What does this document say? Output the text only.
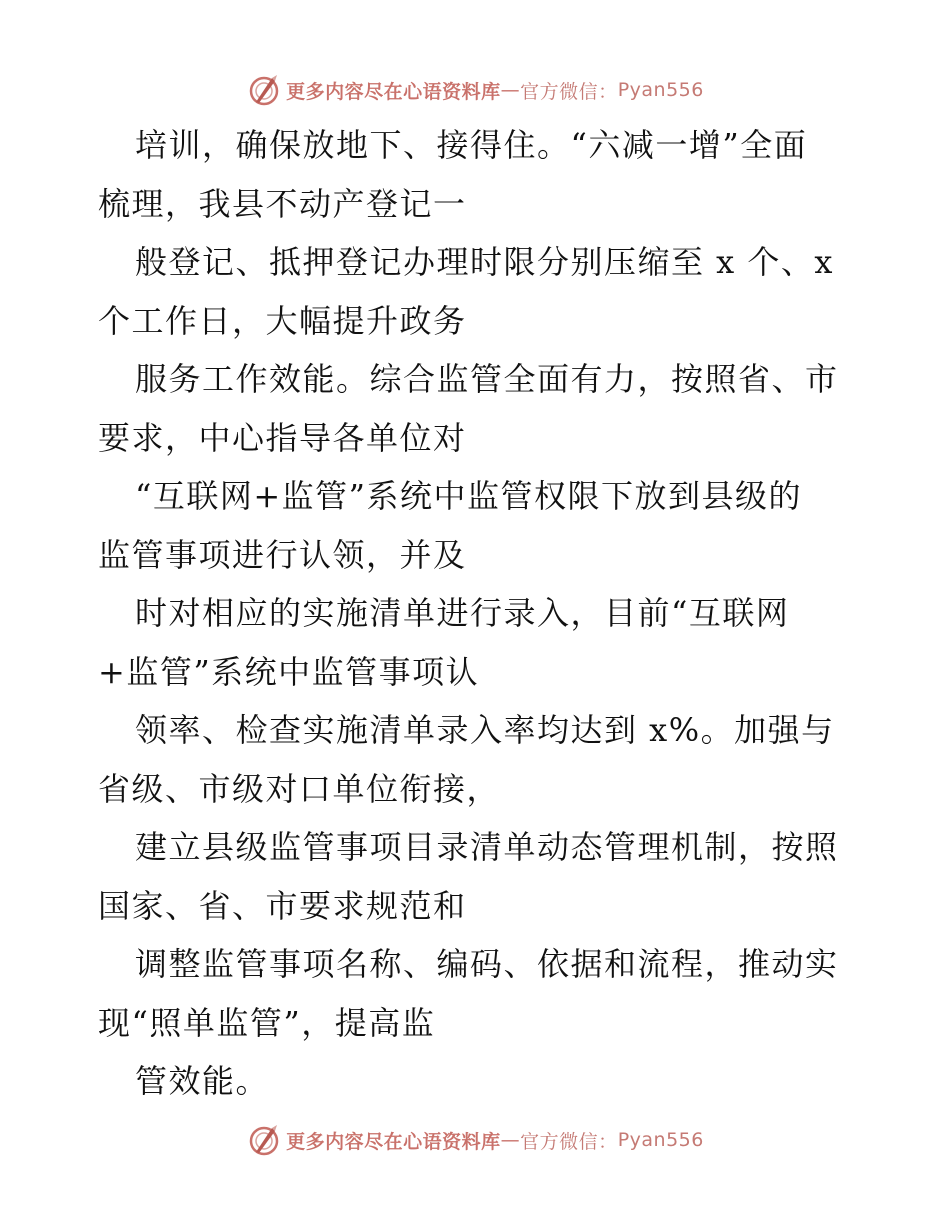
更多内容尽在心语资料库 — 官方微信： Pyan556
培训，确保放地下、接得住。“六减一增”全面
梳理，我县不动产登记一
般登记、抵押登记办理时限分别压缩至 x 个、x
个工作日，大幅提升政务
服务工作效能。综合监管全面有力，按照省、市
要求，中心指导各单位对
“互联网+监管”系统中监管权限下放到县级的
监管事项进行认领，并及
时对相应的实施清单进行录入，目前“互联网
+监管”系统中监管事项认
领率、检查实施清单录入率均达到 x%。加强与
省级、市级对口单位衔接，
建立县级监管事项目录清单动态管理机制，按照
国家、省、市要求规范和
调整监管事项名称、编码、依据和流程，推动实
现“照单监管”，提高监
管效能。
更多内容尽在心语资料库 — 官方微信： Pyan556
